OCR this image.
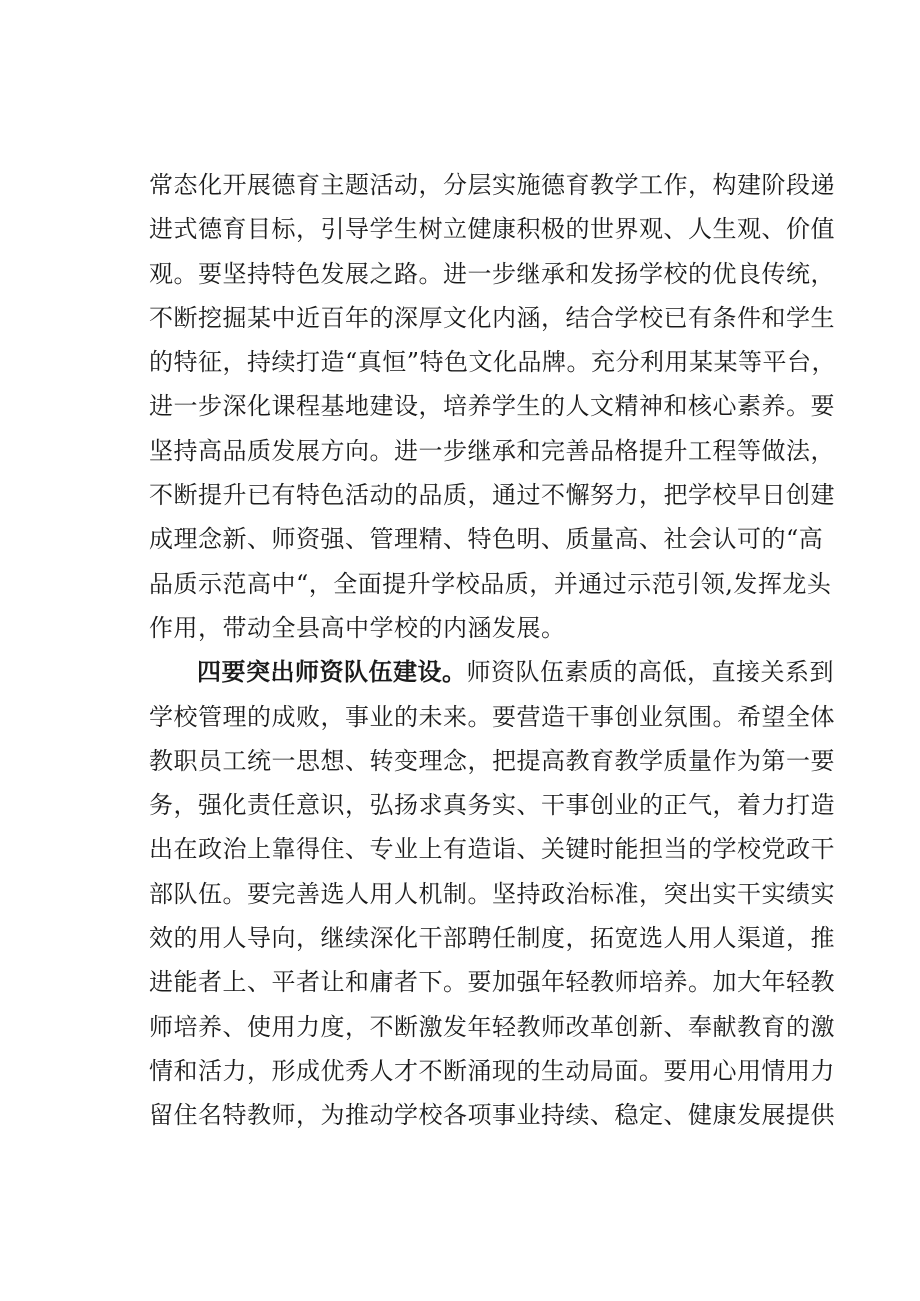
常态化开展德育主题活动，分层实施德育教学工作，构建阶段递
进式德育目标，引导学生树立健康积极的世界观、人生观、价值
观。要坚持特色发展之路。进一步继承和发扬学校的优良传统，
不断挖掘某中近百年的深厚文化内涵，结合学校已有条件和学生
的特征，持续打造“真恒”特色文化品牌。充分利用某某等平台，
进一步深化课程基地建设，培养学生的人文精神和核心素养。要
坚持高品质发展方向。进一步继承和完善品格提升工程等做法，
不断提升已有特色活动的品质，通过不懈努力，把学校早日创建
成理念新、师资强、管理精、特色明、质量高、社会认可的“高
品质示范高中“，全面提升学校品质，并通过示范引领,发挥龙头
作用，带动全县高中学校的内涵发展。
四要突出师资队伍建设。师资队伍素质的高低，直接关系到
学校管理的成败，事业的未来。要营造干事创业氛围。希望全体
教职员工统一思想、转变理念，把提高教育教学质量作为第一要
务，强化责任意识，弘扬求真务实、干事创业的正气，着力打造
出在政治上靠得住、专业上有造诣、关键时能担当的学校党政干
部队伍。要完善选人用人机制。坚持政治标准，突出实干实绩实
效的用人导向，继续深化干部聘任制度，拓宽选人用人渠道，推
进能者上、平者让和庸者下。要加强年轻教师培养。加大年轻教
师培养、使用力度，不断激发年轻教师改革创新、奉献教育的激
情和活力，形成优秀人才不断涌现的生动局面。要用心用情用力
留住名特教师，为推动学校各项事业持续、稳定、健康发展提供
